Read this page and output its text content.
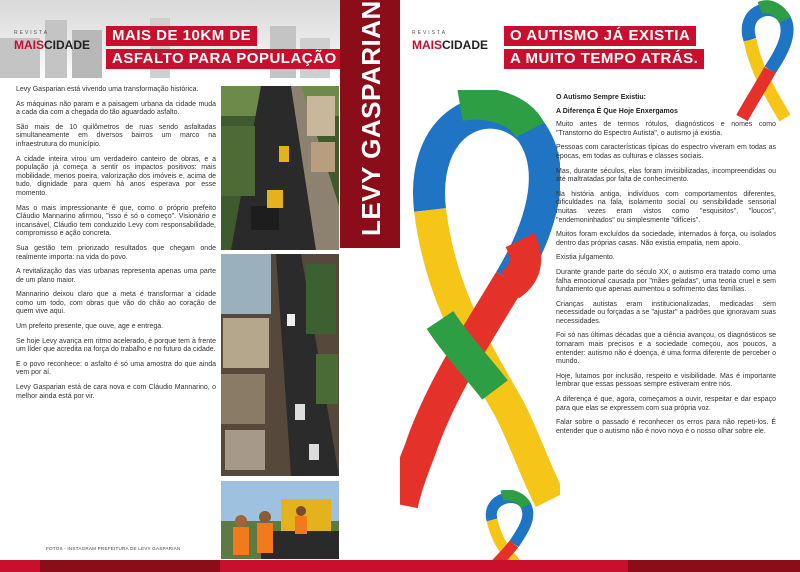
REVISTA
MAISCIDADE
MAIS DE 10KM DE
ASFALTO PARA POPULAÇÃO LEVY GASPARIAN

Levy Gasparian está vivendo uma transformação histórica.

As máquinas não param e a paisagem urbana da cidade muda a cada dia com a chegada do tão aguardado asfalto.

São mais de 10 quilômetros de ruas sendo asfaltadas simultaneamente em diversos bairros um marco na infraestrutura do município.

A cidade inteira virou um verdadeiro canteiro de obras, e a população já começa a sentir os impactos positivos: mais mobilidade, menos poeira, valorização dos imóveis e, acima de tudo, dignidade para quem há anos esperava por esse momento.

Mas o mais impressionante é que, como o próprio prefeito Cláudio Mannarino afirmou, "isso é só o começo". Visionário e incansável, Cláudio tem conduzido Levy com responsabilidade, compromisso e ação concreta.

Sua gestão tem priorizado resultados que chegam onde realmente importa: na vida do povo.

A revitalização das vias urbanas representa apenas uma parte de um plano maior.

Mannarino deixou claro que a meta é transformar a cidade como um todo, com obras que vão do chão ao coração de quem vive aqui.

Um prefeito presente, que ouve, age e entrega.

Se hoje Levy avança em ritmo acelerado, é porque tem à frente um líder que acredita na força do trabalho e no futuro da cidade.

E o povo reconhece: o asfalto é só uma amostra do que ainda vem por aí.

Levy Gasparian está de cara nova e com Cláudio Mannarino, o melhor ainda está por vir.

FOTOS - INSTAGRAM PREFEITURA DE LEVY GASPARIAN
REVISTA
MAISCIDADE
O AUTISMO JÁ EXISTIA
A MUITO TEMPO ATRÁS.

O Autismo Sempre Existiu:

A Diferença É Que Hoje Enxergamos

Muito antes de termos rótulos, diagnósticos e nomes como "Transtorno do Espectro Autista", o autismo já existia.

Pessoas com características típicas do espectro viveram em todas as épocas, em todas as culturas e classes sociais.

Mas, durante séculos, elas foram invisibilizadas, incompreendidas ou até maltratadas por falta de conhecimento.

Na história antiga, indivíduos com comportamentos diferentes, dificuldades na fala, isolamento social ou sensibilidade sensorial muitas vezes eram vistos como "esquisitos", "loucos", "endemoninhados" ou simplesmente "difíceis".

Muitos foram excluídos da sociedade, internados à força, ou isolados dentro das próprias casas. Não existia empatia, nem apoio.

Existia julgamento.

Durante grande parte do século XX, o autismo era tratado como uma falha emocional causada por "mães geladas", uma teoria cruel e sem fundamento que apenas aumentou o sofrimento das famílias.

Crianças autistas eram institucionalizadas, medicadas sem necessidade ou forçadas a se "ajustar" a padrões que ignoravam suas necessidades.

Foi só nas últimas décadas que a ciência avançou, os diagnósticos se tornaram mais precisos e a sociedade começou, aos poucos, a entender: autismo não é doença, é uma forma diferente de perceber o mundo.

Hoje, lutamos por inclusão, respeito e visibilidade. Mas é importante lembrar que essas pessoas sempre estiveram entre nós.

A diferença é que, agora, começamos a ouvir, respeitar e dar espaço para que elas se expressem com sua própria voz.

Falar sobre o passado é reconhecer os erros para não repeti-los. É entender que o autismo não é novo novo é o nosso olhar sobre ele.
